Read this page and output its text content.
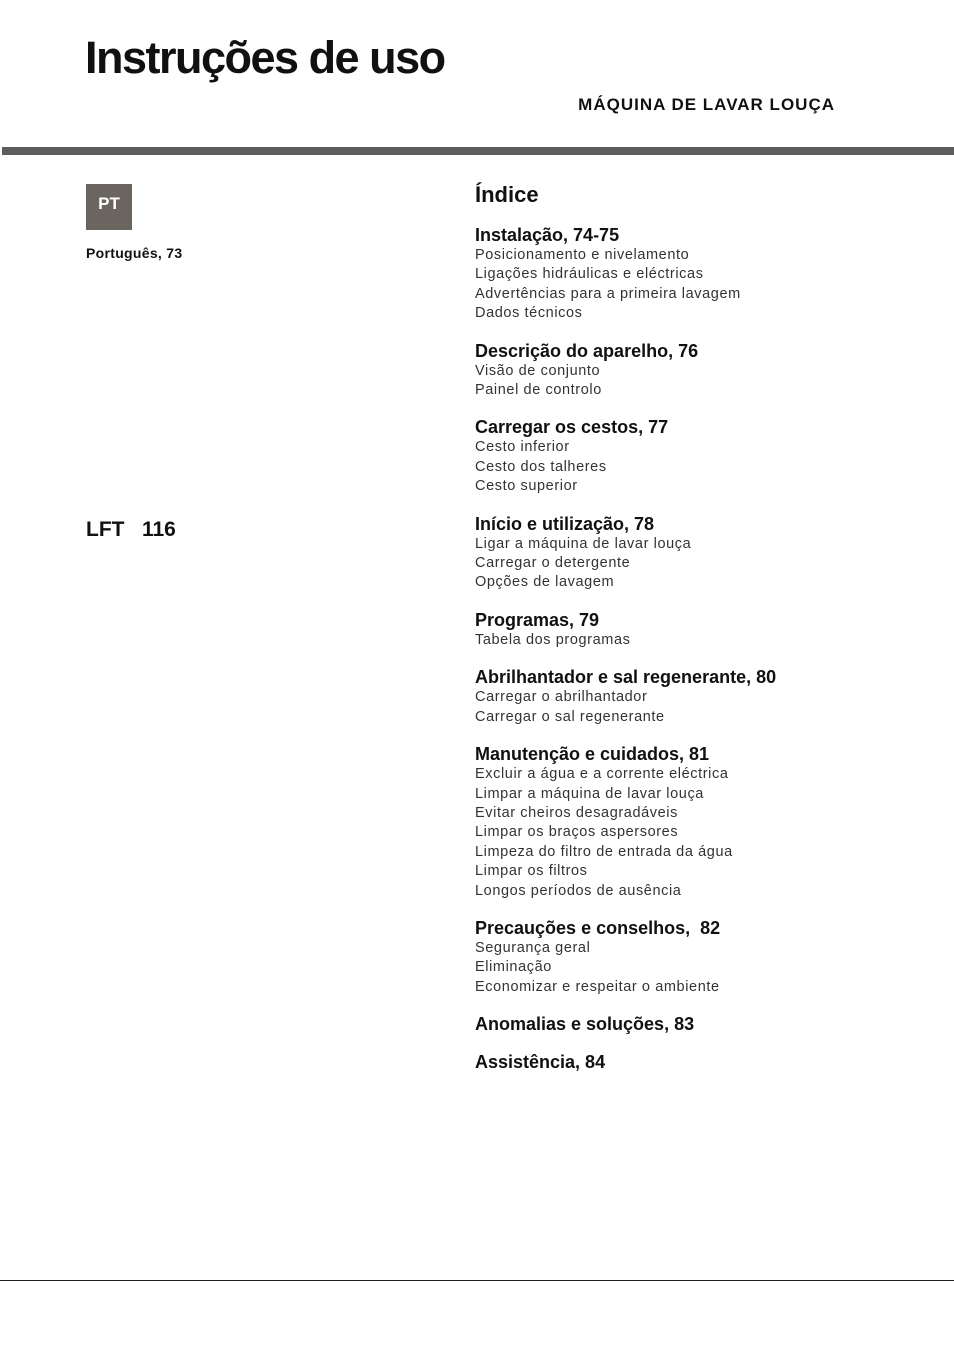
Instruções de uso
MÁQUINA DE LAVAR LOUÇA
PT
Português, 73
LFT   116
Índice
Instalação, 74-75
Posicionamento e nivelamento
Ligações hidráulicas e eléctricas
Advertências para a primeira lavagem
Dados técnicos
Descrição do aparelho, 76
Visão de conjunto
Painel de controlo
Carregar os cestos, 77
Cesto inferior
Cesto dos talheres
Cesto superior
Início e utilização, 78
Ligar a máquina de lavar louça
Carregar o detergente
Opções de lavagem
Programas, 79
Tabela dos programas
Abrilhantador e sal regenerante, 80
Carregar o abrilhantador
Carregar o sal regenerante
Manutenção e cuidados, 81
Excluir a água e a corrente eléctrica
Limpar a máquina de lavar louça
Evitar cheiros desagradáveis
Limpar os braços aspersores
Limpeza do filtro de entrada da água
Limpar os filtros
Longos períodos de ausência
Precauções e conselhos,  82
Segurança geral
Eliminação
Economizar e respeitar o ambiente
Anomalias e soluções, 83
Assistência, 84
